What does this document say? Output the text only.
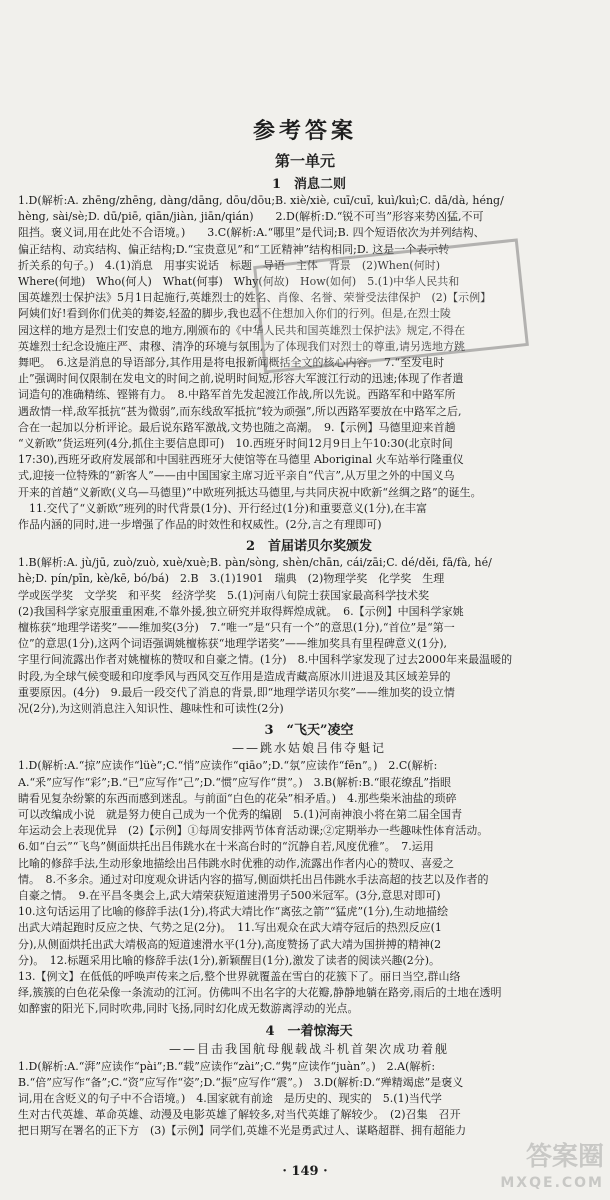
参考答案
第一单元
1　消息二则

1.D(解析:A. zhēng/zhēng, dàng/dāng, dōu/dōu;B. xiè/xiè, cuī/cuī, kuì/kuì;C. dā/dà, héng/

hèng, sài/sè;D. dū/piē, qiān/jiàn, jiān/qián)　　2.D(解析:D.“锐不可当”形容来势凶猛,不可

阻挡。褒义词,用在此处不合语境。)　　3.C(解析:A.“哪里”是代词;B. 四个短语依次为并列结构、

偏正结构、动宾结构、偏正结构;D.“宝贵意见”和“工匠精神”结构相同;D. 这是一个表示转

折关系的句子。)　4.(1)消息　用事实说话　标题　导语　主体　背景　(2)When(何时)

Where(何地)　Who(何人)　What(何事)　Why(何故)　How(如何)　5.(1)中华人民共和

国英雄烈士保护法》5月1日起施行,英雄烈士的姓名、肖像、名誉、荣誉受法律保护　(2)【示例】

阿姨们好!看到你们优美的舞姿,轻盈的脚步,我也忍不住想加入你们的行列。但是,在烈士陵

园这样的地方是烈士们安息的地方,刚颁布的《中华人民共和国英雄烈士保护法》规定,不得在

英雄烈士纪念设施庄严、肃穆、清净的环境与氛围,为了体现我们对烈士的尊重,请另选地方跳

舞吧。　6.这是消息的导语部分,其作用是将电报新闻概括全文的核心内容。　7.“至发电时

止”强调时间仅限制在发电文的时间之前,说明时间短,形容大军渡江行动的迅速;体现了作者遣

词造句的准确精练、铿锵有力。　8.中路军首先发起渡江作战,所以先说。西路军和中路军所

遇敌情一样,敌军抵抗“甚为微弱”,而东线敌军抵抗“较为顽强”,所以西路军要放在中路军之后,

合在一起加以分析评论。最后说东路军激战,文势也随之高潮。　9.【示例】马德里迎来首趟

“义新欧”货运班列(4分,抓住主要信息即可)　10.西班牙时间12月9日上午10:30(北京时间

17:30),西班牙政府发展部和中国驻西班牙大使馆等在马德里 Aboriginal 火车站举行隆重仪

式,迎接一位特殊的“新客人”——由中国国家主席习近平亲自“代言”,从万里之外的中国义乌

开来的首趟“义新欧(义乌—马德里)”中欧班列抵达马德里,与共同庆祝中欧新“丝绸之路”的诞生。

　11.交代了“义新欧”班列的时代背景(1分)、开行经过(1分)和重要意义(1分),在丰富

作品内涵的同时,进一步增强了作品的时效性和权威性。(2分,言之有理即可)

2　首届诺贝尔奖颁发

1.B(解析:A. jù/jū, zuò/zuò, xuè/xuè;B. pàn/sòng, shèn/chān, cái/zāi;C. dé/děi, fā/fà, hé/

hè;D. pín/pīn, kè/kē, bó/bá)　2.B　3.(1)1901　瑞典　(2)物理学奖　化学奖　生理

学或医学奖　文学奖　和平奖　经济学奖　5.(1)河南八旬院士获国家最高科学技术奖

(2)我国科学家克服重重困难,不靠外援,独立研究并取得辉煌成就。　6.【示例】中国科学家姚

檀栋获“地理学诺奖”——维加奖(3分)　7.“唯一”是“只有一个”的意思(1分),“首位”是“第一

位”的意思(1分),这两个词语强调姚檀栋获“地理学诺奖”——维加奖具有里程碑意义(1分),

字里行间流露出作者对姚檀栋的赞叹和自豪之情。(1分)　8.中国科学家发现了过去2000年来最温暖的

时段,为全球气候变暖和印度季风与西风交互作用是造成青藏高原冰川进退及其区域差异的

重要原因。(4分)　9.最后一段交代了消息的背景,即“地理学诺贝尔奖”——维加奖的设立情

况(2分),为这则消息注入知识性、趣味性和可读性(2分)

3　“飞天”凌空
——跳水姑娘吕伟夺魁记

1.D(解析:A.“掠”应读作“lüè”;C.“悄”应读作“qiāo”;D.“氛”应读作“fēn”。)　2.C(解析:

A.“釆”应写作“彩”;B.“已”应写作“己”;D.“惯”应写作“贯”。)　3.B(解析:B.“眼花缭乱”指眼

睛看见复杂纷繁的东西而感到迷乱。与前面“白色的花朵”相矛盾。)　4.那些柴米油盐的琐碎

可以改编成小说　就是努力使自己成为一个优秀的编剧　5.(1)河南神浪小将在第二届全国青

年运动会上表现优异　(2)【示例】①每周安排两节体育活动课;②定期举办一些趣味性体育活动。

6.如“白云”“飞鸟”侧面烘托出吕伟跳水在十米高台时的“沉静自若,风度优雅”。　7.运用

比喻的修辞手法,生动形象地描绘出吕伟跳水时优雅的动作,流露出作者内心的赞叹、喜爱之

情。　8.不多余。通过对印度观众讲话内容的描写,侧面烘托出吕伟跳水手法高超的技艺以及作者的

自豪之情。　9.在平昌冬奥会上,武大靖荣获短道速滑男子500米冠军。(3分,意思对即可)

10.这句话运用了比喻的修辞手法(1分),将武大靖比作“离弦之箭”“猛虎”(1分),生动地描绘

出武大靖起跑时反应之快、气势之足(2分)。　11.写出观众在武大靖夺冠后的热烈反应(1

分),从侧面烘托出武大靖极高的短道速滑水平(1分),高度赞扬了武大靖为国拼搏的精神(2

分)。　12.标题采用比喻的修辞手法(1分),新颖醒目(1分),激发了读者的阅读兴趣(2分)。

13.【例文】在低低的呼唤声传来之后,整个世界就覆盖在雪白的花簇下了。丽日当空,群山络

绎,簇簇的白色花朵像一条流动的江河。仿佛叫不出名字的大花瓣,静静地躺在路旁,雨后的土地在透明

如醉蜜的阳光下,同时吹弗,同时飞扬,同时幻化成无数游离浮动的光点。

4　一着惊海天
——目击我国航母舰载战斗机首架次成功着舰

1.D(解析:A.“湃”应读作“pài”;B.“载”应读作“zài”;C.“隽”应读作“juàn”。)　2.A(解析:

B.“倍”应写作“备”;C.“资”应写作“姿”;D.“振”应写作“震”。)　3.D(解析:D.“殚精竭虑”是褒义

词,用在含贬义的句子中不合语境。)　4.国家就有前途　是历史的、现实的　5.(1)当代学

生对古代英雄、革命英雄、动漫及电影英雄了解较多,对当代英雄了解较少。　(2)召集　召开

把日期写在署名的正下方　(3)【示例】同学们,英雄不光是勇武过人、谋略超群、拥有超能力

· 149 ·	答案圈
MXQE.COM
